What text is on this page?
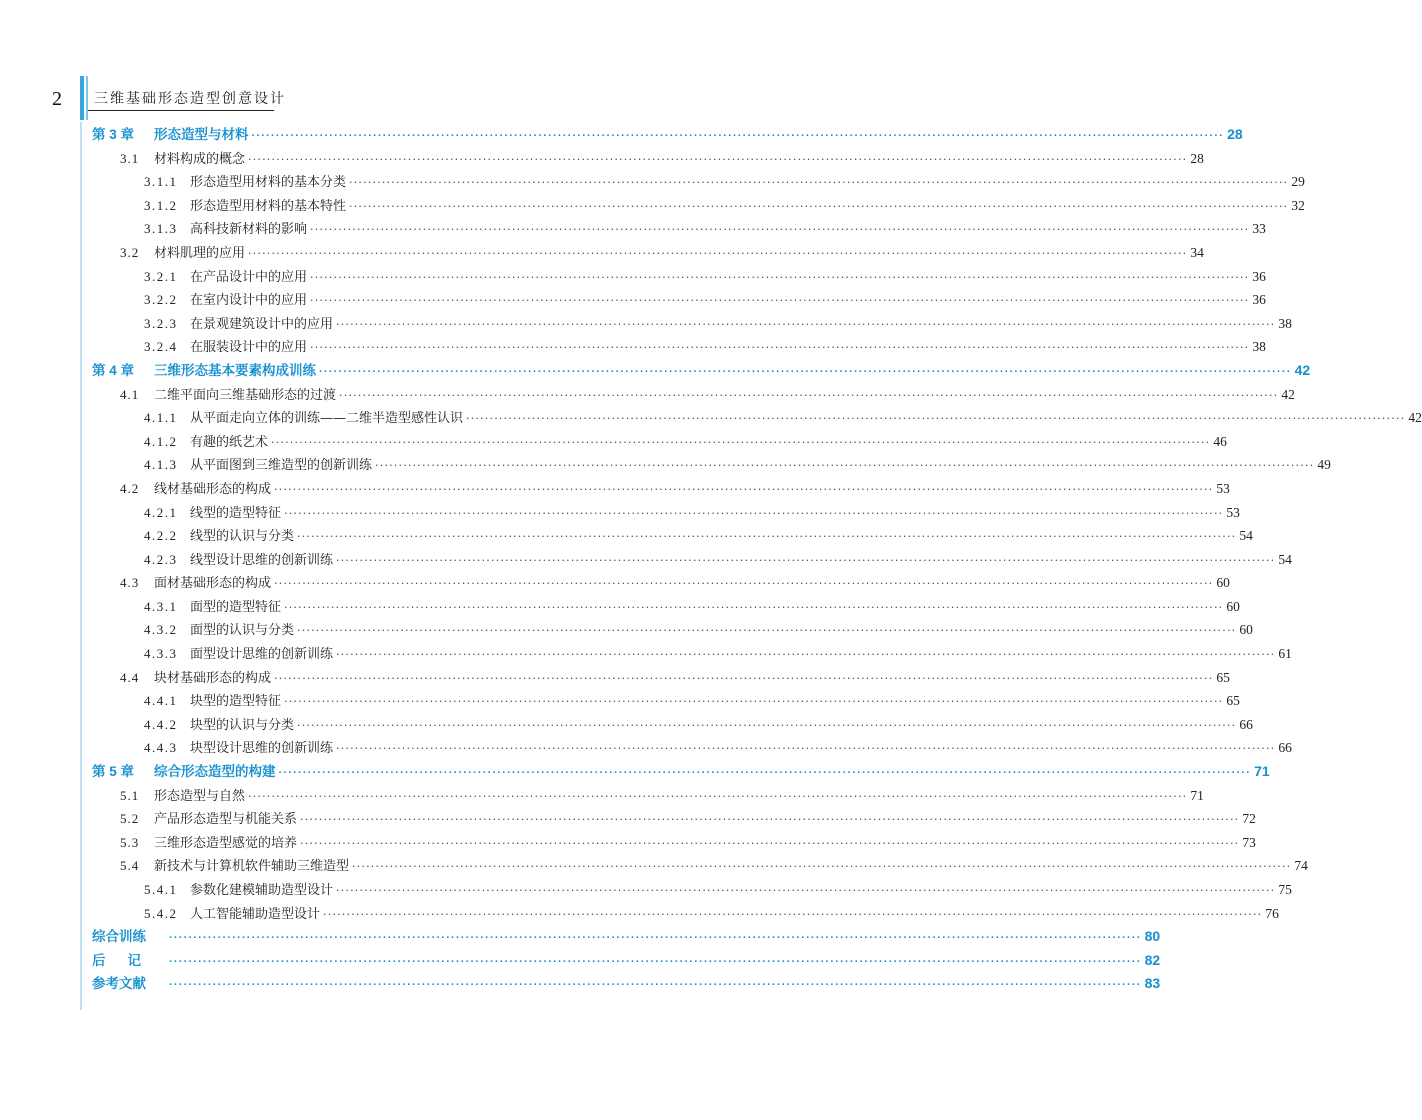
2 三维基础形态造型创意设计
第 3 章	形态造型与材料 ········································································································································································································ 28
3.1	材料构成的概念 ········································································································································································································ 28
3.1.1 形态造型用材料的基本分类 ········································································································································································································ 29
3.1.2 形态造型用材料的基本特性 ········································································································································································································ 32
3.1.3 高科技新材料的影响 ········································································································································································································ 33
3.2	材料肌理的应用 ········································································································································································································ 34
3.2.1 在产品设计中的应用 ········································································································································································································ 36
3.2.2 在室内设计中的应用 ········································································································································································································ 36
3.2.3 在景观建筑设计中的应用 ········································································································································································································ 38
3.2.4 在服装设计中的应用 ········································································································································································································ 38
第 4 章	三维形态基本要素构成训练 ········································································································································································································ 42
4.1	二维平面向三维基础形态的过渡 ········································································································································································································ 42
4.1.1 从平面走向立体的训练——二维半造型感性认识 ········································································································································································································ 42
4.1.2 有趣的纸艺术 ········································································································································································································ 46
4.1.3 从平面图到三维造型的创新训练 ········································································································································································································ 49
4.2	线材基础形态的构成 ········································································································································································································ 53
4.2.1 线型的造型特征 ········································································································································································································ 53
4.2.2 线型的认识与分类 ········································································································································································································ 54
4.2.3 线型设计思维的创新训练 ········································································································································································································ 54
4.3	面材基础形态的构成 ········································································································································································································ 60
4.3.1 面型的造型特征 ········································································································································································································ 60
4.3.2 面型的认识与分类 ········································································································································································································ 60
4.3.3 面型设计思维的创新训练 ········································································································································································································ 61
4.4	块材基础形态的构成 ········································································································································································································ 65
4.4.1 块型的造型特征 ········································································································································································································ 65
4.4.2 块型的认识与分类 ········································································································································································································ 66
4.4.3 块型设计思维的创新训练 ········································································································································································································ 66
第 5 章	综合形态造型的构建 ········································································································································································································ 71
5.1	形态造型与自然 ········································································································································································································ 71
5.2	产品形态造型与机能关系 ········································································································································································································ 72
5.3	三维形态造型感觉的培养 ········································································································································································································ 73
5.4	新技术与计算机软件辅助三维造型 ········································································································································································································ 74
5.4.1 参数化建模辅助造型设计 ········································································································································································································ 75
5.4.2 人工智能辅助造型设计 ········································································································································································································ 76
综合训练	········································································································································································································ 80
后记 ········································································································································································································ 82
参考文献	········································································································································································································ 83
